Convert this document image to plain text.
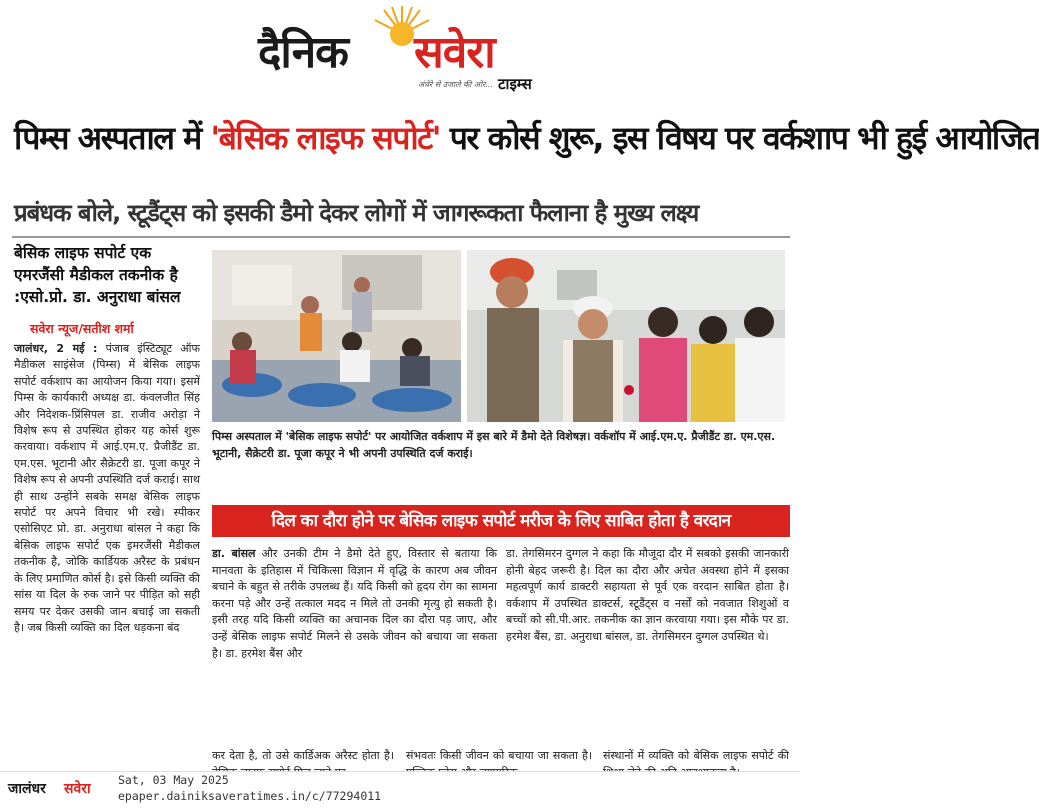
दैनिक सवेरा
अंधेरे से उजाले की ओर... टाइम्स
पिम्स अस्पताल में 'बेसिक लाइफ सपोर्ट' पर कोर्स शुरू, इस विषय पर वर्कशाप भी हुई आयोजित
प्रबंधक बोले, स्टूडैंट्स को इसकी डैमो देकर लोगों में जागरूकता फैलाना है मुख्य लक्ष्य
बेसिक लाइफ सपोर्ट एक एमरजैंसी मैडीकल तकनीक है :एसो.प्रो. डा. अनुराधा बांसल
सवेरा न्यूज/सतीश शर्मा
जालंधर, 2 मई : पंजाब इंस्टिट्यूट ऑफ मैडीकल साइंसेज (पिम्स) में बेसिक लाइफ सपोर्ट वर्कशाप का आयोजन किया गया। इसमें पिम्स के कार्यकारी अध्यक्ष डा. कंवलजीत सिंह और निदेशक-प्रिंसिपल डा. राजीव अरोड़ा ने विशेष रूप से उपस्थित होकर यह कोर्स शुरू करवाया। वर्कशाप में आई.एम.ए. प्रैजीडैंट डा. एम.एस. भूटानी और सैक्रेटरी डा. पूजा कपूर ने विशेष रूप से अपनी उपस्थिति दर्ज कराई। साथ ही साथ उन्होंने सबके समक्ष बेसिक लाइफ सपोर्ट पर अपने विचार भी रखे। स्पीकर एसोसिएट प्रो. डा. अनुराधा बांसल ने कहा कि बेसिक लाइफ सपोर्ट एक इमरजैंसी मैडीकल तकनीक है, जोकि कार्डियक अरैस्ट के प्रबंधन के लिए प्रमाणित कोर्स है। इसे किसी व्यक्ति की सांस या दिल के रुक जाने पर पीड़ित को सही समय पर देकर उसकी जान बचाई जा सकती है। जब किसी व्यक्ति का दिल धड़कना बंद
पिम्स अस्पताल में 'बेसिक लाइफ सपोर्ट' पर आयोजित वर्कशाप में इस बारे में डैमो देते विशेषज्ञ। वर्कशॉप में आई.एम.ए. प्रैजीडैंट डा. एम.एस. भूटानी, सैक्रेटरी डा. पूजा कपूर ने भी अपनी उपस्थिति दर्ज कराई।
दिल का दौरा होने पर बेसिक लाइफ सपोर्ट मरीज के लिए साबित होता है वरदान
डा. बांसल और उनकी टीम ने डैमो देते हुए, विस्तार से बताया कि मानवता के इतिहास में चिकित्सा विज्ञान में वृद्धि के कारण अब जीवन बचाने के बहुत से तरीके उपलब्ध हैं। यदि किसी को हृदय रोग का सामना करना पड़े और उन्हें तत्काल मदद न मिले तो उनकी मृत्यु हो सकती है। इसी तरह यदि किसी व्यक्ति का अचानक दिल का दौरा पड़ जाए, और उन्हें बेसिक लाइफ सपोर्ट मिलने से उसके जीवन को बचाया जा सकता है। डा. हरमेश बैंस और
डा. तेगसिमरन दुग्गल ने कहा कि मौजूदा दौर में सबको इसकी जानकारी होनी बेहद जरूरी है। दिल का दौरा और अचेत अवस्था होने में इसका महत्वपूर्ण कार्य डाक्टरी सहायता से पूर्व एक वरदान साबित होता है। वर्कशाप में उपस्थित डाक्टर्स, स्टूडैंट्स व नर्सों को नवजात शिशुओं व बच्चों को सी.पी.आर. तकनीक का ज्ञान करवाया गया। इस मौके पर डा. हरमेश बैंस, डा. अनुराधा बांसल, डा. तेगसिमरन दुग्गल उपस्थित थे।
कर देता है, तो उसे कार्डिअक अरैस्ट होता है। संभवतः किसी जीवन को बचाया जा सकता है। संस्थानों में व्यक्ति को बेसिक लाइफ सपोर्ट की
जालंधर सवेरा
Sat, 03 May 2025
epaper.dainiksaveratimes.in/c/77294011
